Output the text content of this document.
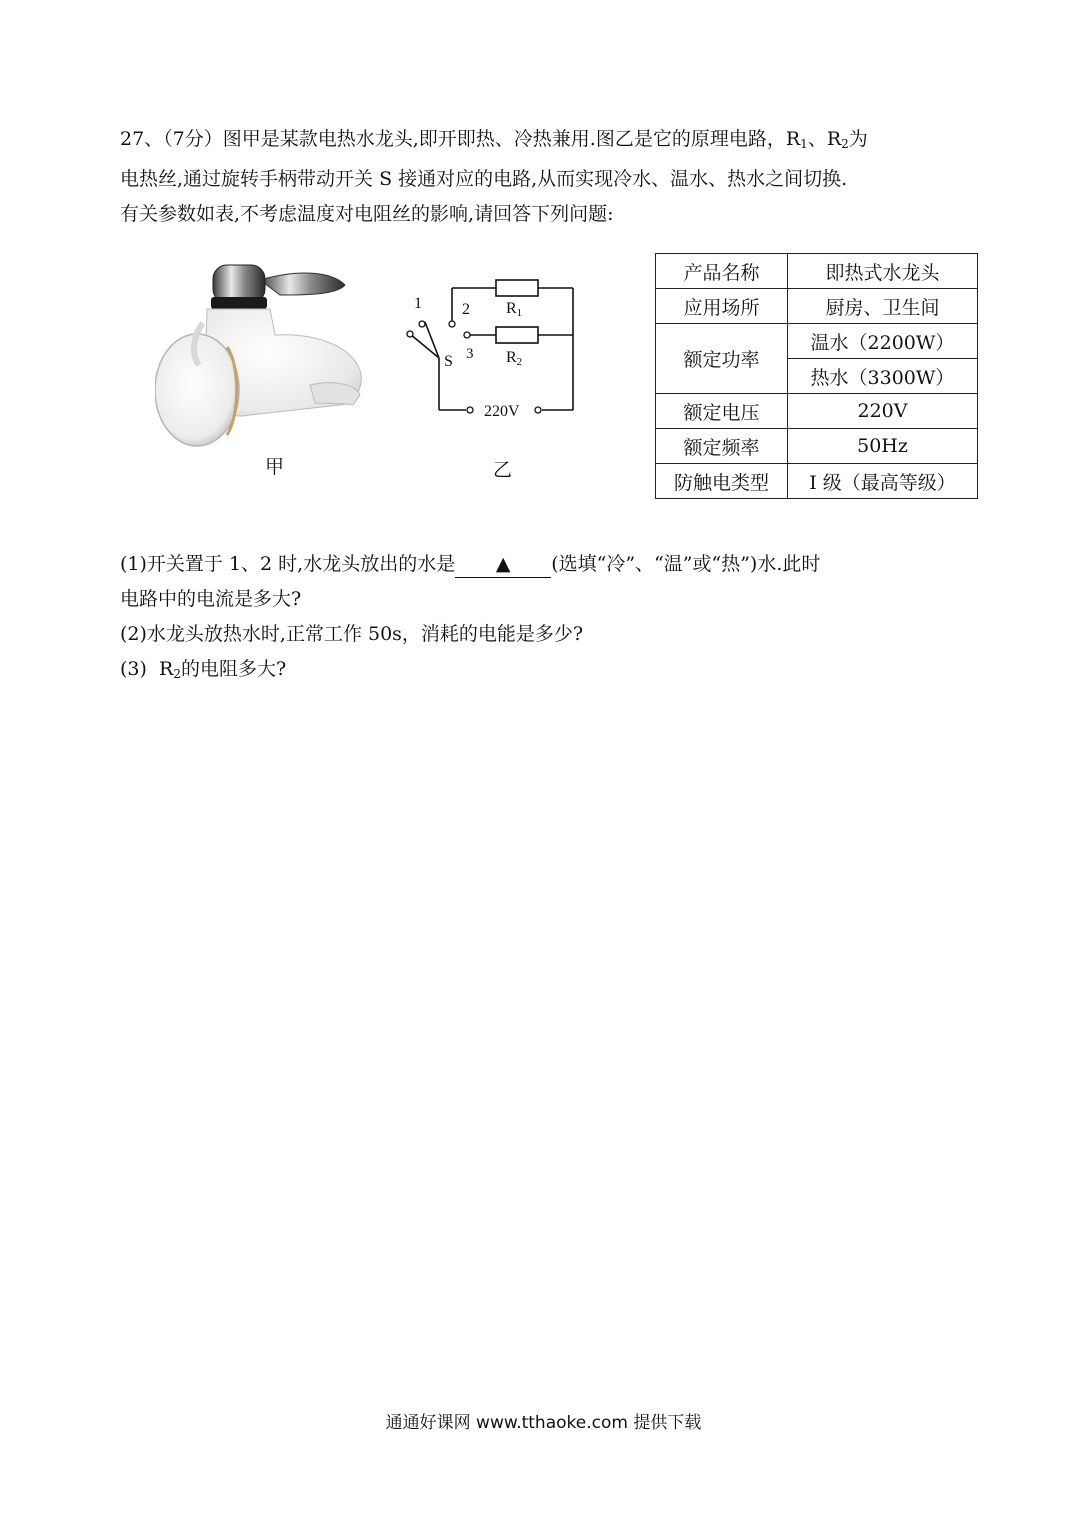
27、（7分）图甲是某款电热水龙头,即开即热、冷热兼用.图乙是它的原理电路，$R_1$、$R_2$为
电热丝,通过旋转手柄带动开关 S 接通对应的电路,从而实现冷水、温水、热水之间切换.
有关参数如表,不考虑温度对电阻丝的影响,请回答下列问题:
甲
1	2
3
S
R1
R2
220V
乙
产品名称	即热式水龙头
应用场所	厨房、卫生间
额定功率	温水（2200W）
	热水（3300W）
额定电压	220V
额定频率	50Hz
防触电类型	I 级（最高等级）
(1)开关置于 1、2 时,水龙头放出的水是 ▲ (选填“冷”、“温”或“热”)水.此时
电路中的电流是多大?
(2)水龙头放热水时,正常工作 50s，消耗的电能是多少?
(3)  $R_2$的电阻多大?
通通好课网 www.tthaoke.com 提供下载
